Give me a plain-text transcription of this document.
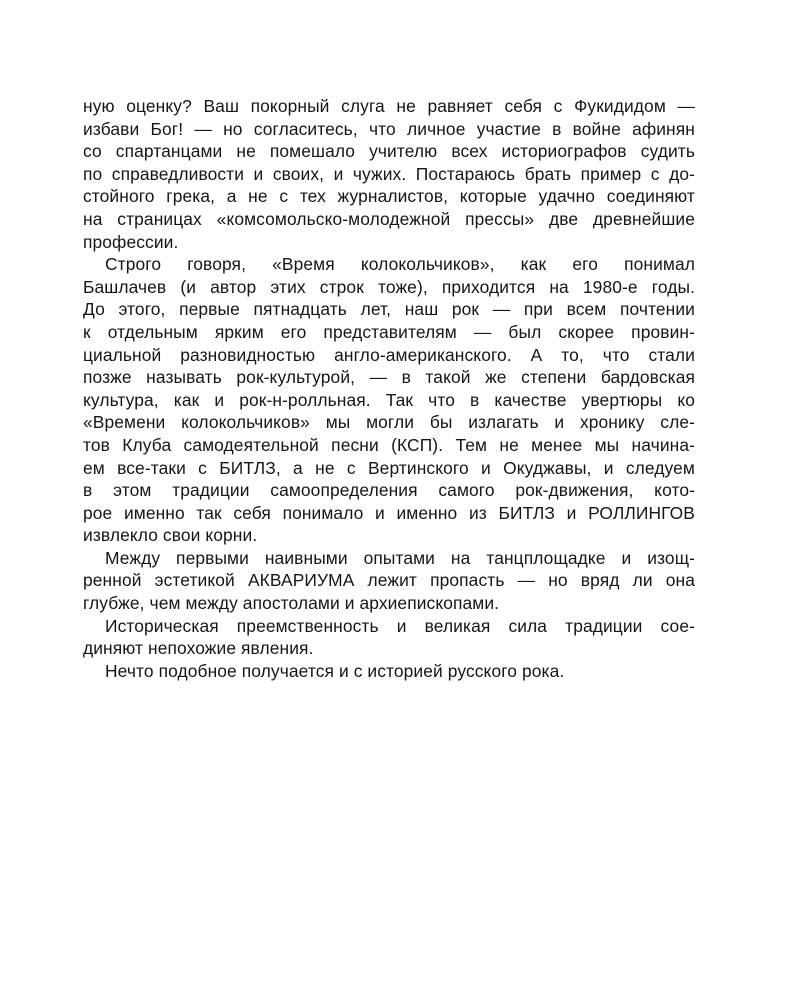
ную оценку? Ваш покорный слуга не равняет себя с Фукидидом —
избави Бог! — но согласитесь, что личное участие в войне афинян
со спартанцами не помешало учителю всех историографов судить
по справедливости и своих, и чужих. Постараюсь брать пример с до-
стойного грека, а не с тех журналистов, которые удачно соединяют
на страницах «комсомольско-молодежной прессы» две древнейшие
профессии.
Строго говоря, «Время колокольчиков», как его понимал
Башлачев (и автор этих строк тоже), приходится на 1980-е годы.
До этого, первые пятнадцать лет, наш рок — при всем почтении
к отдельным ярким его представителям — был скорее провин-
циальной разновидностью англо-американского. А то, что стали
позже называть рок-культурой, — в такой же степени бардовская
культура, как и рок-н-ролльная. Так что в качестве увертюры ко
«Времени колокольчиков» мы могли бы излагать и хронику сле-
тов Клуба самодеятельной песни (КСП). Тем не менее мы начина-
ем все-таки с БИТЛЗ, а не с Вертинского и Окуджавы, и следуем
в этом традиции самоопределения самого рок-движения, кото-
рое именно так себя понимало и именно из БИТЛЗ и РОЛЛИНГОВ
извлекло свои корни.
Между первыми наивными опытами на танцплощадке и изощ-
ренной эстетикой АКВАРИУМА лежит пропасть — но вряд ли она
глубже, чем между апостолами и архиепископами.
Историческая преемственность и великая сила традиции сое-
диняют непохожие явления.
Нечто подобное получается и с историей русского рока.
